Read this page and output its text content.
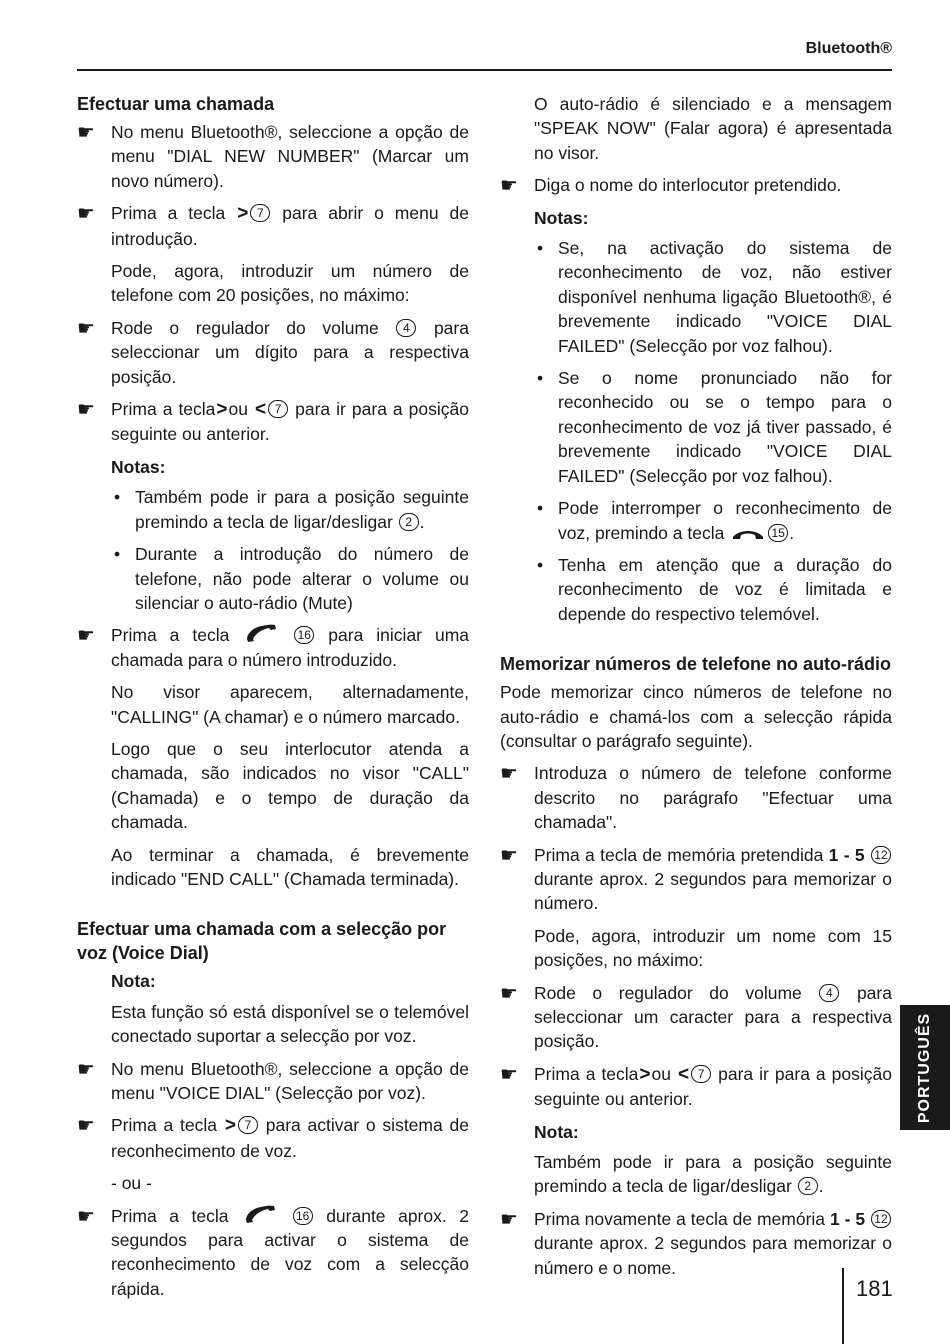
Bluetooth®
Efectuar uma chamada
☛ No menu Bluetooth®, seleccione a opção de menu "DIAL NEW NUMBER" (Marcar um novo número).
☛ Prima a tecla > 7 para abrir o menu de introdução.

Pode, agora, introduzir um número de telefone com 20 posições, no máximo:

☛ Rode o regulador do volume 4 para seleccionar um dígito para a respectiva posição.
☛ Prima a tecla>ou < 7 para ir para a posição seguinte ou anterior.
Notas:
• Também pode ir para a posição seguinte premindo a tecla de ligar/desligar 2 .
• Durante a introdução do número de telefone, não pode alterar o volume ou silenciar o auto-rádio (Mute)
☛ Prima a tecla	16 para iniciar uma chamada para o número introduzido.

No visor aparecem, alternadamente, "CALLING" (A chamar) e o número marcado.

Logo que o seu interlocutor atenda a chamada, são indicados no visor "CALL" (Chamada) e o tempo de duração da chamada.

Ao terminar a chamada, é brevemente indicado "END CALL" (Chamada terminada).

Efectuar uma chamada com a selecção por voz (Voice Dial)
Nota:

Esta função só está disponível se o telemóvel conectado suportar a selecção por voz.

☛ No menu Bluetooth®, seleccione a opção de menu "VOICE DIAL" (Selecção por voz).
☛ Prima a tecla > 7 para activar o sistema de reconhecimento de voz.

- ou -

☛ Prima a tecla	16 durante aprox. 2 segundos para activar o sistema de reconhecimento de voz com a selecção rápida.

O auto-rádio é silenciado e a mensagem "SPEAK NOW" (Falar agora) é apresentada no visor.

☛ Diga o nome do interlocutor pretendido.
Notas:
• Se, na activação do sistema de reconhecimento de voz, não estiver disponível nenhuma ligação Bluetooth®, é brevemente indicado "VOICE DIAL FAILED" (Selecção por voz falhou).
• Se o nome pronunciado não for reconhecido ou se o tempo para o reconhecimento de voz já tiver passado, é brevemente indicado "VOICE DIAL FAILED" (Selecção por voz falhou).
• Pode interromper o reconhecimento de voz, premindo a tecla	15 .
• Tenha em atenção que a duração do reconhecimento de voz é limitada e depende do respectivo telemóvel.
Memorizar números de telefone no auto-rádio

Pode memorizar cinco números de telefone no auto-rádio e chamá-los com a selecção rápida (consultar o parágrafo seguinte).

☛ Introduza o número de telefone conforme descrito no parágrafo "Efectuar uma chamada".
☛ Prima a tecla de memória pretendida 1 - 5 12 durante aprox. 2 segundos para memorizar o número.

Pode, agora, introduzir um nome com 15 posições, no máximo:

☛ Rode o regulador do volume 4 para seleccionar um caracter para a respectiva posição.
☛ Prima a tecla>ou < 7 para ir para a posição seguinte ou anterior.
Nota:

Também pode ir para a posição seguinte premindo a tecla de ligar/desligar 2 .

☛ Prima novamente a tecla de memória 1 - 5 12 durante aprox. 2 segundos para memorizar o número e o nome.
PORTUGUÊS
181
